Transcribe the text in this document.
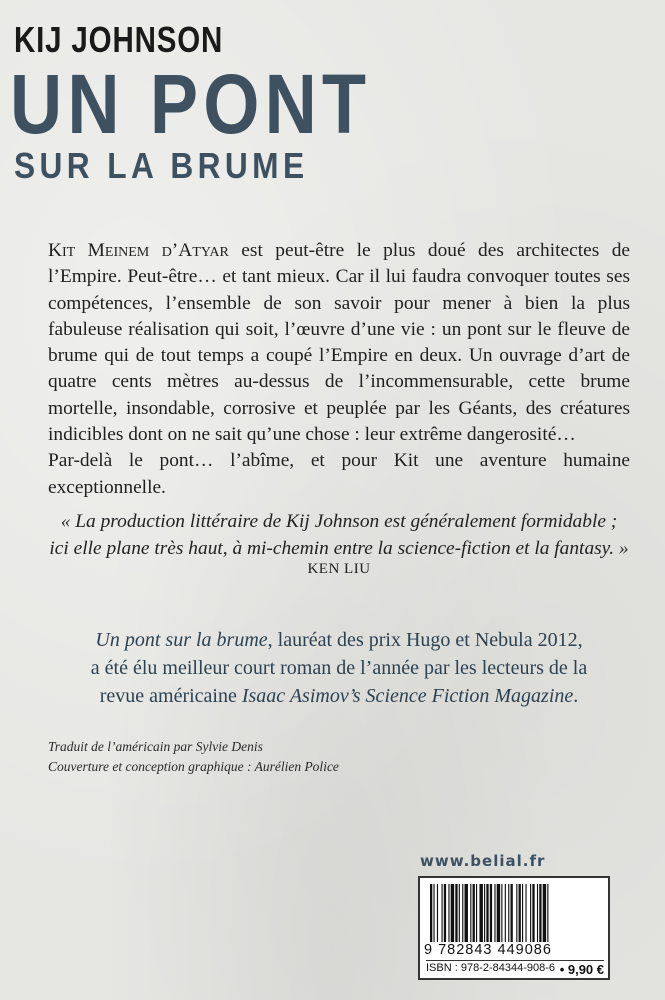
KIJ JOHNSON
UN PONT
SUR LA BRUME

Kit Meinem d’Atyar est peut-être le plus doué des architectes de l’Empire. Peut-être… et tant mieux. Car il lui faudra convoquer toutes ses compétences, l’ensemble de son savoir pour mener à bien la plus fabuleuse réalisation qui soit, l’œuvre d’une vie : un pont sur le fleuve de brume qui de tout temps a coupé l’Empire en deux. Un ouvrage d’art de quatre cents mètres au-dessus de l’incommensurable, cette brume mortelle, insondable, corrosive et peuplée par les Géants, des créatures indicibles dont on ne sait qu’une chose : leur extrême dangerosité…

Par-delà le pont… l’abîme, et pour Kit une aventure humaine exceptionnelle.

« La production littéraire de Kij Johnson est généralement formidable ;
ici elle plane très haut, à mi-chemin entre la science-fiction et la fantasy. »
KEN LIU
Un pont sur la brume, lauréat des prix Hugo et Nebula 2012,
a été élu meilleur court roman de l’année par les lecteurs de la
revue américaine Isaac Asimov’s Science Fiction Magazine.
Traduit de l’américain par Sylvie Denis
Couverture et conception graphique : Aurélien Police
www.belial.fr
9 782843 449086
ISBN : 978-2-84344-908-6 • 9,90 €
